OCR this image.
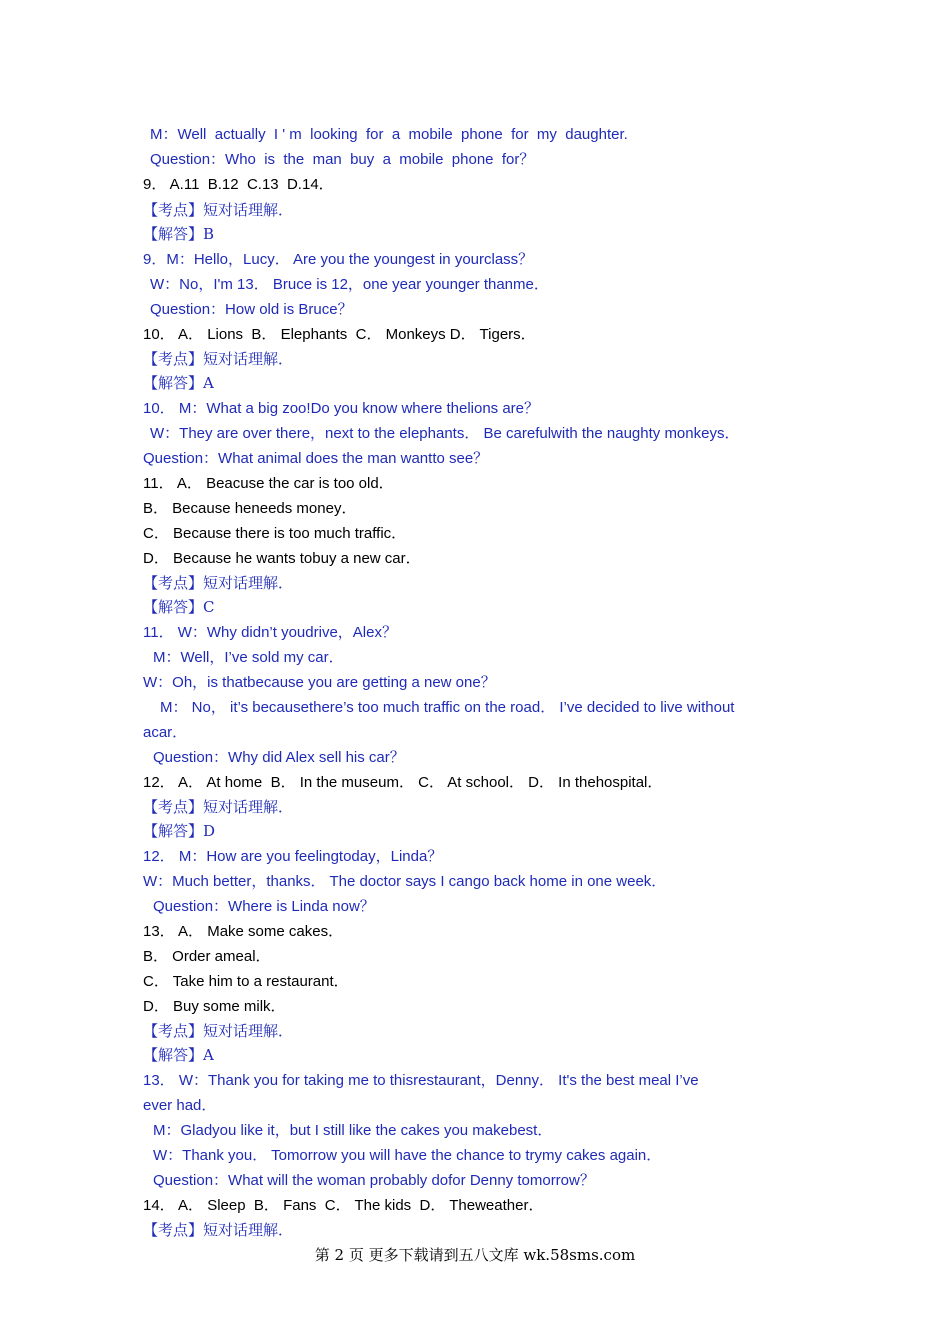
M：Well  actually  I ' m  looking  for  a  mobile  phone  for  my  daughter.
Question：Who  is  the  man  buy  a  mobile  phone  for？
9． A.11  B.12  C.13  D.14．
【考点】短对话理解．
【解答】B
9．M：Hello，Lucy． Are you the youngest in yourclass？
W：No，I'm 13． Bruce is 12，one year younger thanme．
Question：How old is Bruce？
10． A． Lions  B． Elephants  C． Monkeys D． Tigers．
【考点】短对话理解．
【解答】A
10． M：What a big zoo!Do you know where thelions are？
W：They are over there，next to the elephants． Be carefulwith the naughty monkeys．
Question：What animal does the man wantto see？
11． A． Beacuse the car is too old．
B． Because heneeds money．
C． Because there is too much traffic．
D． Because he wants tobuy a new car．
【考点】短对话理解．
【解答】C
11． W：Why didn’t youdrive，Alex？
M：Well，I’ve sold my car．
W：Oh，is thatbecause you are getting a new one？
M： No， it’s becausethere’s too much traffic on the road． I’ve decided to live without
acar．
Question：Why did Alex sell his car？
12． A． At home  B． In the museum． C． At school． D． In thehospital．
【考点】短对话理解．
【解答】D
12． M：How are you feelingtoday，Linda？
W：Much better，thanks． The doctor says I cango back home in one week．
Question：Where is Linda now？
13． A． Make some cakes．
B． Order ameal．
C． Take him to a restaurant．
D． Buy some milk．
【考点】短对话理解．
【解答】A
13． W：Thank you for taking me to thisrestaurant，Denny． It's the best meal I’ve
ever had．
M：Gladyou like it，but I still like the cakes you makebest．
W：Thank you． Tomorrow you will have the chance to trymy cakes again．
Question：What will the woman probably dofor Denny tomorrow？
14． A． Sleep  B． Fans  C． The kids  D． Theweather．
【考点】短对话理解．
第 2 页 更多下载请到五八文库 wk.58sms.com
